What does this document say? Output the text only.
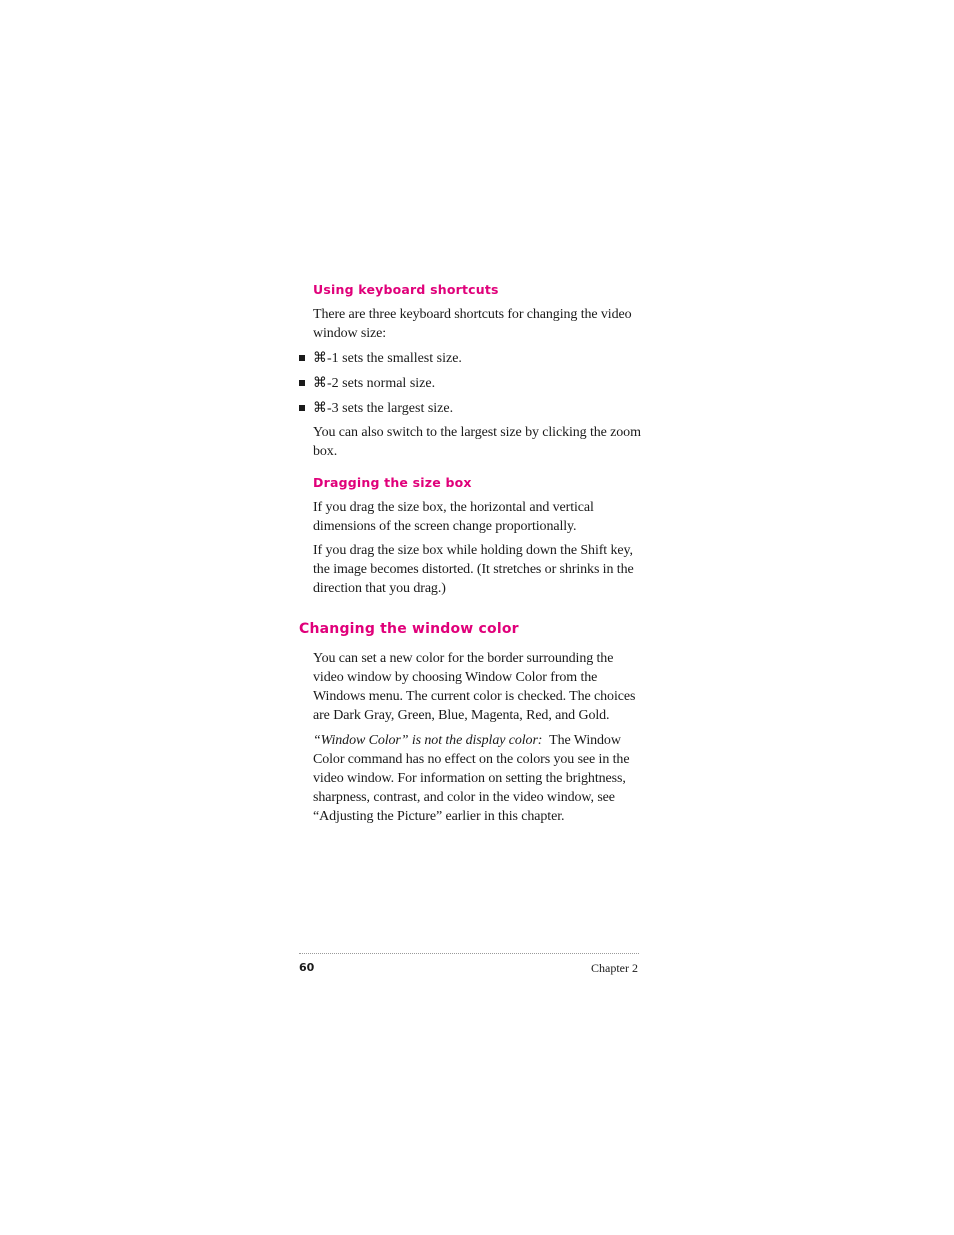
Using keyboard shortcuts

There are three keyboard shortcuts for changing the video window size:

⌘-1 sets the smallest size.
⌘-2 sets normal size.
⌘-3 sets the largest size.

You can also switch to the largest size by clicking the zoom box.

Dragging the size box

If you drag the size box, the horizontal and vertical dimensions of the screen change proportionally.

If you drag the size box while holding down the Shift key, the image becomes distorted. (It stretches or shrinks in the direction that you drag.)

Changing the window color

You can set a new color for the border surrounding the video window by choosing Window Color from the Windows menu. The current color is checked. The choices are Dark Gray, Green, Blue, Magenta, Red, and Gold.

“Window Color” is not the display color: The Window Color command has no effect on the colors you see in the video window. For information on setting the brightness, sharpness, contrast, and color in the video window, see “Adjusting the Picture” earlier in this chapter.

60	Chapter 2
